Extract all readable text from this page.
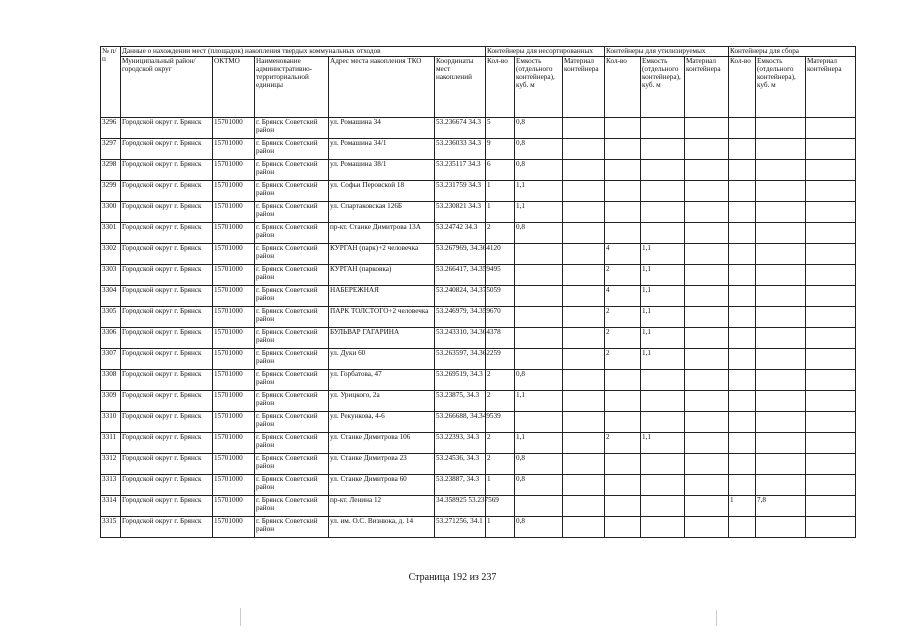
№ п/п	Данные о нахождении мест (площадок) накопления твердых коммунальных отходов					Контейнеры для несортированных			Контейнеры для утилизируемых			Контейнеры для сбора		
	Муниципальный район/городской округ	ОКТМО	Наименование административно-территориальной единицы	Адрес места накопления ТКО	Координаты мест накоплений	Кол-во	Емкость (отдельного контейнера), куб. м	Материал контейнера	Кол-во	Емкость (отдельного контейнера), куб. м	Материал контейнера	Кол-во	Емкость (отдельного контейнера), куб. м	Материал контейнера
3296	Городской округ г. Брянск	15701000	г. Брянск Советский район	ул. Ромашина 34	53.236674 34.3	5	0,8							
3297	Городской округ г. Брянск	15701000	г. Брянск Советский район	ул. Ромашина 34/1	53.236033 34.3	9	0,8							
3298	Городской округ г. Брянск	15701000	г. Брянск Советский район	ул. Ромашина 38/1	53.235117 34.3	6	0,8							
3299	Городской округ г. Брянск	15701000	г. Брянск Советский район	ул. Софьи Перовской 18	53.231759 34.3	1	1,1							
3300	Городской округ г. Брянск	15701000	г. Брянск Советский район	ул. Спартаковская 126Б	53.230821 34.3	1	1,1							
3301	Городской округ г. Брянск	15701000	г. Брянск Советский район	пр-кт. Станке Димитрова 13А	53.24742 34.3	2	0,8							
3302	Городской округ г. Брянск	15701000	г. Брянск Советский район	КУРГАН (парк)+2 человечка	53.267969, 34.364120				4	1,1				
3303	Городской округ г. Брянск	15701000	г. Брянск Советский район	КУРГАН (парковка)	53.266417, 34.359495				2	1,1				
3304	Городской округ г. Брянск	15701000	г. Брянск Советский район	НАБЕРЕЖНАЯ	53.240824, 34.375059				4	1,1				
3305	Городской округ г. Брянск	15701000	г. Брянск Советский район	ПАРК ТОЛСТОГО+2 человечка	53.246979, 34.359670				2	1,1				
3306	Городской округ г. Брянск	15701000	г. Брянск Советский район	БУЛЬВАР ГАГАРИНА	53.243310, 34.364378				2	1,1				
3307	Городской округ г. Брянск	15701000	г. Брянск Советский район	ул. Дуки 60	53.263597, 34.362259				2	1,1				
3308	Городской округ г. Брянск	15701000	г. Брянск Советский район	ул. Горбатова, 47	53.269519, 34.3	2	0,8							
3309	Городской округ г. Брянск	15701000	г. Брянск Советский район	ул. Урицкого, 2а	53.23875, 34.3	2	1,1							
3310	Городской округ г. Брянск	15701000	г. Брянск Советский район	ул. Рекункова, 4-6	53.266688, 34.349539									
3311	Городской округ г. Брянск	15701000	г. Брянск Советский район	ул. Станке Димитрова 106	53.22393, 34.3	2	1,1		2	1,1				
3312	Городской округ г. Брянск	15701000	г. Брянск Советский район	ул. Станке Димитрова 23	53.24536, 34.3	2	0,8							
3313	Городской округ г. Брянск	15701000	г. Брянск Советский район	ул. Станке Димитрова 60	53.23887, 34.3	1	0,8							
3314	Городской округ г. Брянск	15701000	г. Брянск Советский район	пр-кт. Ленина 12	34.358925 53.237569							1	7,8	
3315	Городской округ г. Брянск	15701000	г. Брянск Советский район	ул. им. О.С. Визнюка, д. 14	53.271256, 34.1	1	0,8							
Страница 192 из 237
